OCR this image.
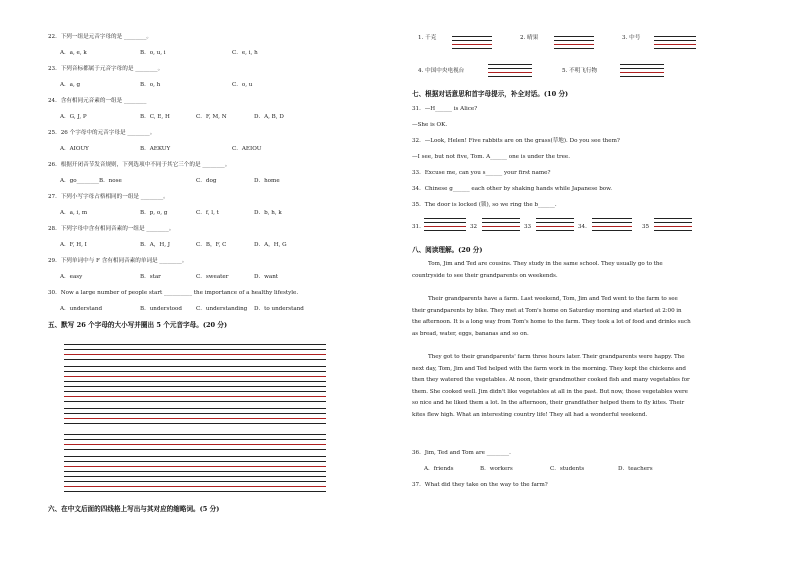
22．下列一组是元音字母的是 ________。
A．a, e, k	B．o, u, i	C．e, i, h
23．下列音标都属于元音字母的是 ________。
A．a, g	B．o, h	C．o, u
24．含有相同元音素的一组是 ________
A．G, J, P	B．C, E, H	C．F, M, N	D．A, B, D
25．26 个字母中的元音字母是 ________。
A．AIOUY	B．AEKUY	C．AEIOU
26．根据开闭音节发音规则，下列选项中不同于其它三个的是 ________。
A．go________B．nose	C．dog	D．home
27．下列小写字母占格相同的一组是 ________。
A．a, i, m	B．p, o, g	C．f, l, t	D．b, h, k
28．下列字母中含有相同音素的一组是 ________。
A．F, H, I	B．A，H, J	C．B，F, C	D．A，H, G
29．下列单词中与 F 含有相同音素的单词是 ________。
A．easy	B．star	C．sweater	D．want
30．Now a large number of people start __________ the importance of a healthy lifestyle.
A．understand	B．understood	C．understanding D．to understand
五、默写 26 个字母的大小写并圈出 5 个元音字母。(20 分)
六、在中文后面的四线格上写出与其对应的缩略词。(5 分)
1. 千克	2. 晴果	3. 中号
4. 中国中央电视台	5. 不明飞行物
七、根据对话意思和首字母提示，补全对话。(10 分)
31．—H______ is Alice?
—She is OK.
32．—Look, Helen! Five rabbits are on the grass(草地). Do you see them?
—I see, but not five, Tom. A______ one is under the tree.
33．Excuse me, can you s______ your first name?
34．Chinese g______ each other by shaking hands while Japanese bow.
35．The door is locked (锁), so we ring the b______.
31.	32	33	34.	35
八、阅读理解。(20 分)
Tom, Jim and Ted are cousins. They study in the same school. They usually go to the countryside to see their grandparents on weekends.
Their grandparents have a farm. Last weekend, Tom, Jim and Ted went to the farm to see their grandparents by bike. They met at Tom's home on Saturday morning and started at 2:00 in the afternoon. It is a long way from Tom's home to the farm. They took a lot of food and drinks such as bread, water, eggs, bananas and so on.
They got to their grandparents' farm three hours later. Their grandparents were happy. The next day, Tom, Jim and Ted helped with the farm work in the morning. They kept the chickens and then they watered the vegetables. At noon, their grandmother cooked fish and many vegetables for them. She cooked well. Jim didn't like vegetables at all in the past. But now, those vegetables were so nice and he liked them a lot. In the afternoon, their grandfather helped them to fly kites. Their kites flew high. What an interesting country life! They all had a wonderful weekend.
36．Jim, Ted and Tom are ________.
A．friends	B．workers	C．students	D．teachers
37．What did they take on the way to the farm?
